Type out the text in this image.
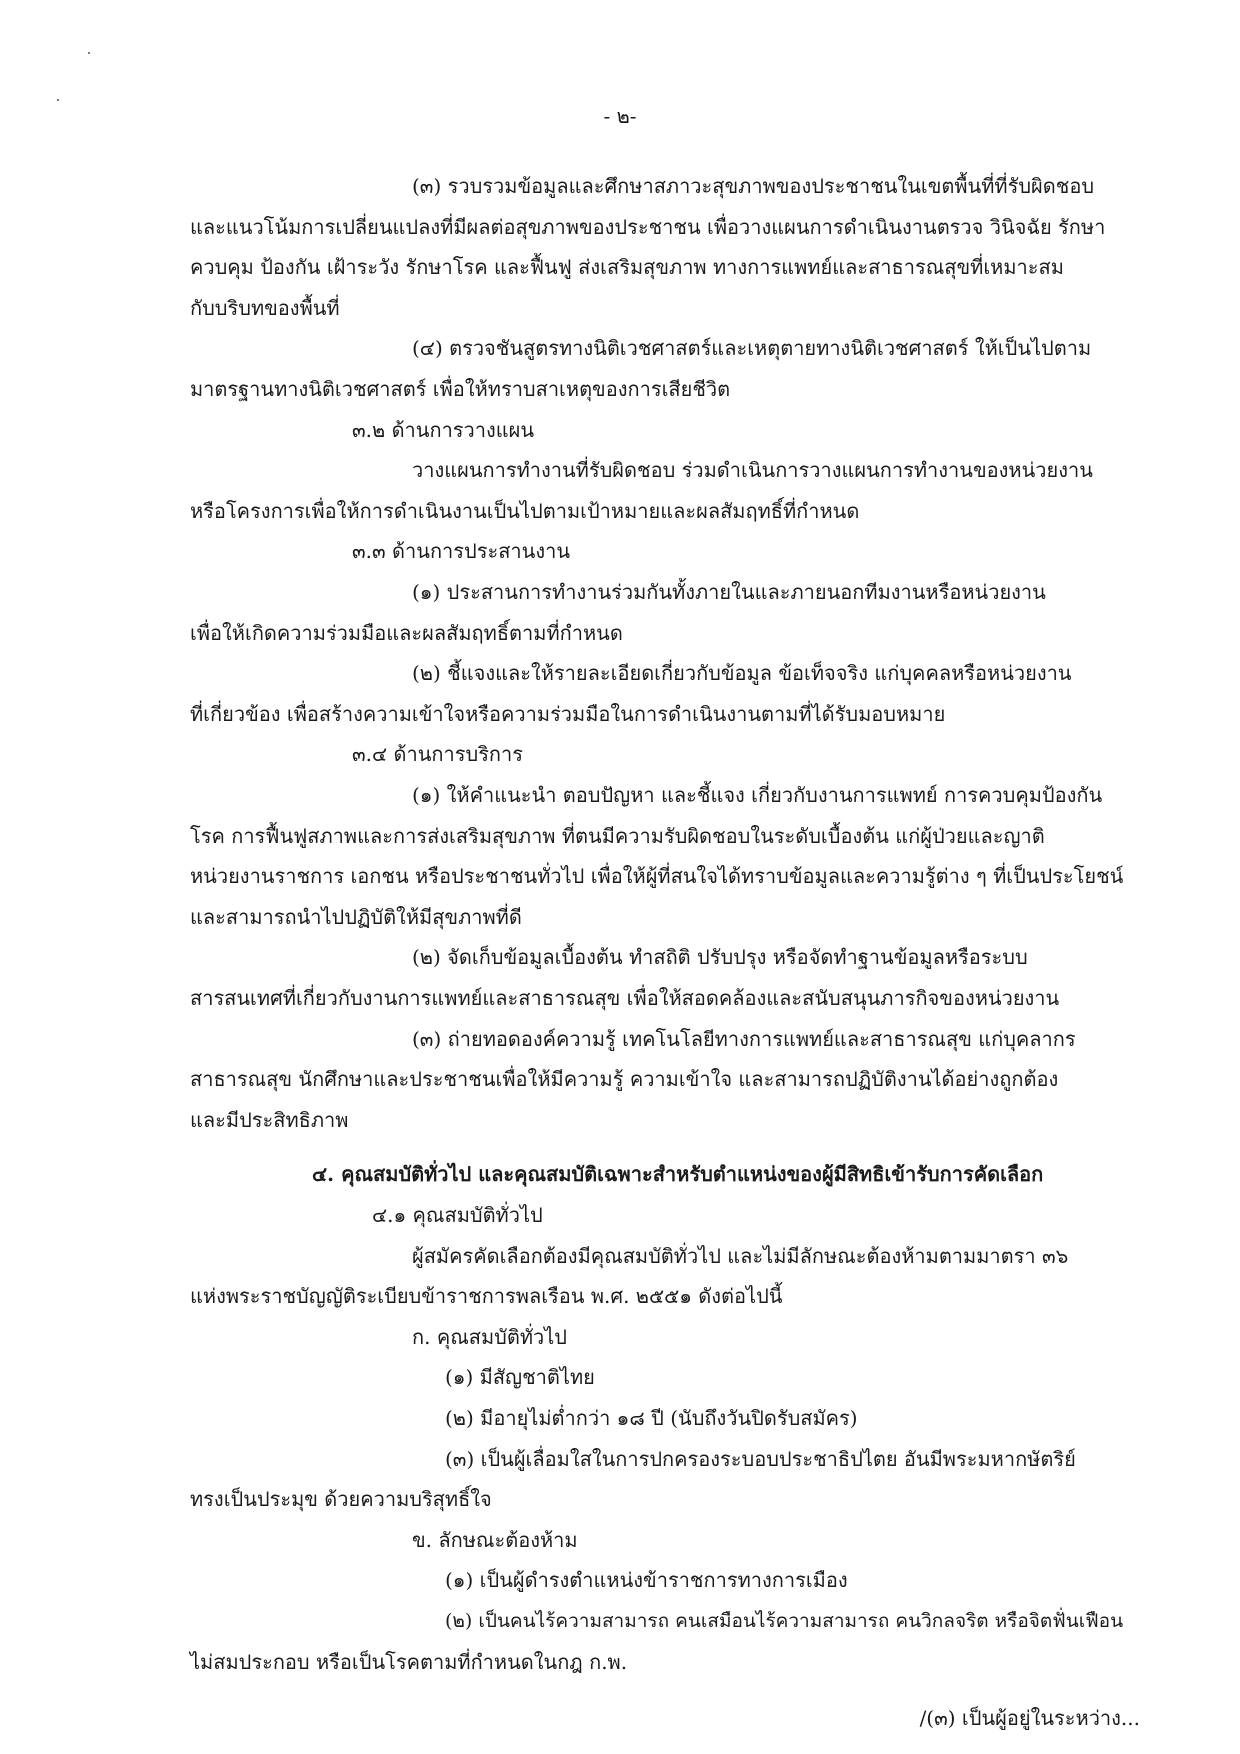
- ๒-

(๓) รวบรวมข้อมูลและศึกษาสภาวะสุขภาพของประชาชนในเขตพื้นที่ที่รับผิดชอบ

และแนวโน้มการเปลี่ยนแปลงที่มีผลต่อสุขภาพของประชาชน เพื่อวางแผนการดำเนินงานตรวจ วินิจฉัย รักษา

ควบคุม ป้องกัน เฝ้าระวัง รักษาโรค และฟื้นฟู ส่งเสริมสุขภาพ ทางการแพทย์และสาธารณสุขที่เหมาะสม

กับบริบทของพื้นที่

(๔) ตรวจชันสูตรทางนิติเวชศาสตร์และเหตุตายทางนิติเวชศาสตร์ ให้เป็นไปตาม

มาตรฐานทางนิติเวชศาสตร์ เพื่อให้ทราบสาเหตุของการเสียชีวิต

๓.๒ ด้านการวางแผน

วางแผนการทำงานที่รับผิดชอบ ร่วมดำเนินการวางแผนการทำงานของหน่วยงาน

หรือโครงการเพื่อให้การดำเนินงานเป็นไปตามเป้าหมายและผลสัมฤทธิ์ที่กำหนด

๓.๓ ด้านการประสานงาน

(๑) ประสานการทำงานร่วมกันทั้งภายในและภายนอกทีมงานหรือหน่วยงาน

เพื่อให้เกิดความร่วมมือและผลสัมฤทธิ์ตามที่กำหนด

(๒) ชี้แจงและให้รายละเอียดเกี่ยวกับข้อมูล ข้อเท็จจริง แก่บุคคลหรือหน่วยงาน

ที่เกี่ยวข้อง เพื่อสร้างความเข้าใจหรือความร่วมมือในการดำเนินงานตามที่ได้รับมอบหมาย

๓.๔ ด้านการบริการ

(๑) ให้คำแนะนำ ตอบปัญหา และชี้แจง เกี่ยวกับงานการแพทย์ การควบคุมป้องกัน

โรค การฟื้นฟูสภาพและการส่งเสริมสุขภาพ ที่ตนมีความรับผิดชอบในระดับเบื้องต้น แก่ผู้ป่วยและญาติ

หน่วยงานราชการ เอกชน หรือประชาชนทั่วไป เพื่อให้ผู้ที่สนใจได้ทราบข้อมูลและความรู้ต่าง ๆ ที่เป็นประโยชน์

และสามารถนำไปปฏิบัติให้มีสุขภาพที่ดี

(๒) จัดเก็บข้อมูลเบื้องต้น ทำสถิติ ปรับปรุง หรือจัดทำฐานข้อมูลหรือระบบ

สารสนเทศที่เกี่ยวกับงานการแพทย์และสาธารณสุข เพื่อให้สอดคล้องและสนับสนุนภารกิจของหน่วยงาน

(๓) ถ่ายทอดองค์ความรู้ เทคโนโลยีทางการแพทย์และสาธารณสุข แก่บุคลากร

สาธารณสุข นักศึกษาและประชาชนเพื่อให้มีความรู้ ความเข้าใจ และสามารถปฏิบัติงานได้อย่างถูกต้อง

และมีประสิทธิภาพ

๔. คุณสมบัติทั่วไป และคุณสมบัติเฉพาะสำหรับตำแหน่งของผู้มีสิทธิเข้ารับการคัดเลือก

๔.๑ คุณสมบัติทั่วไป

ผู้สมัครคัดเลือกต้องมีคุณสมบัติทั่วไป และไม่มีลักษณะต้องห้ามตามมาตรา ๓๖

แห่งพระราชบัญญัติระเบียบข้าราชการพลเรือน พ.ศ. ๒๕๕๑ ดังต่อไปนี้

ก. คุณสมบัติทั่วไป

(๑) มีสัญชาติไทย

(๒) มีอายุไม่ต่ำกว่า ๑๘ ปี (นับถึงวันปิดรับสมัคร)

(๓) เป็นผู้เลื่อมใสในการปกครองระบอบประชาธิปไตย อันมีพระมหากษัตริย์

ทรงเป็นประมุข ด้วยความบริสุทธิ์ใจ

ข. ลักษณะต้องห้าม

(๑) เป็นผู้ดำรงตำแหน่งข้าราชการทางการเมือง

(๒) เป็นคนไร้ความสามารถ คนเสมือนไร้ความสามารถ คนวิกลจริต หรือจิตฟั่นเฟือน

ไม่สมประกอบ หรือเป็นโรคตามที่กำหนดในกฎ ก.พ.

/(๓) เป็นผู้อยู่ในระหว่าง...
